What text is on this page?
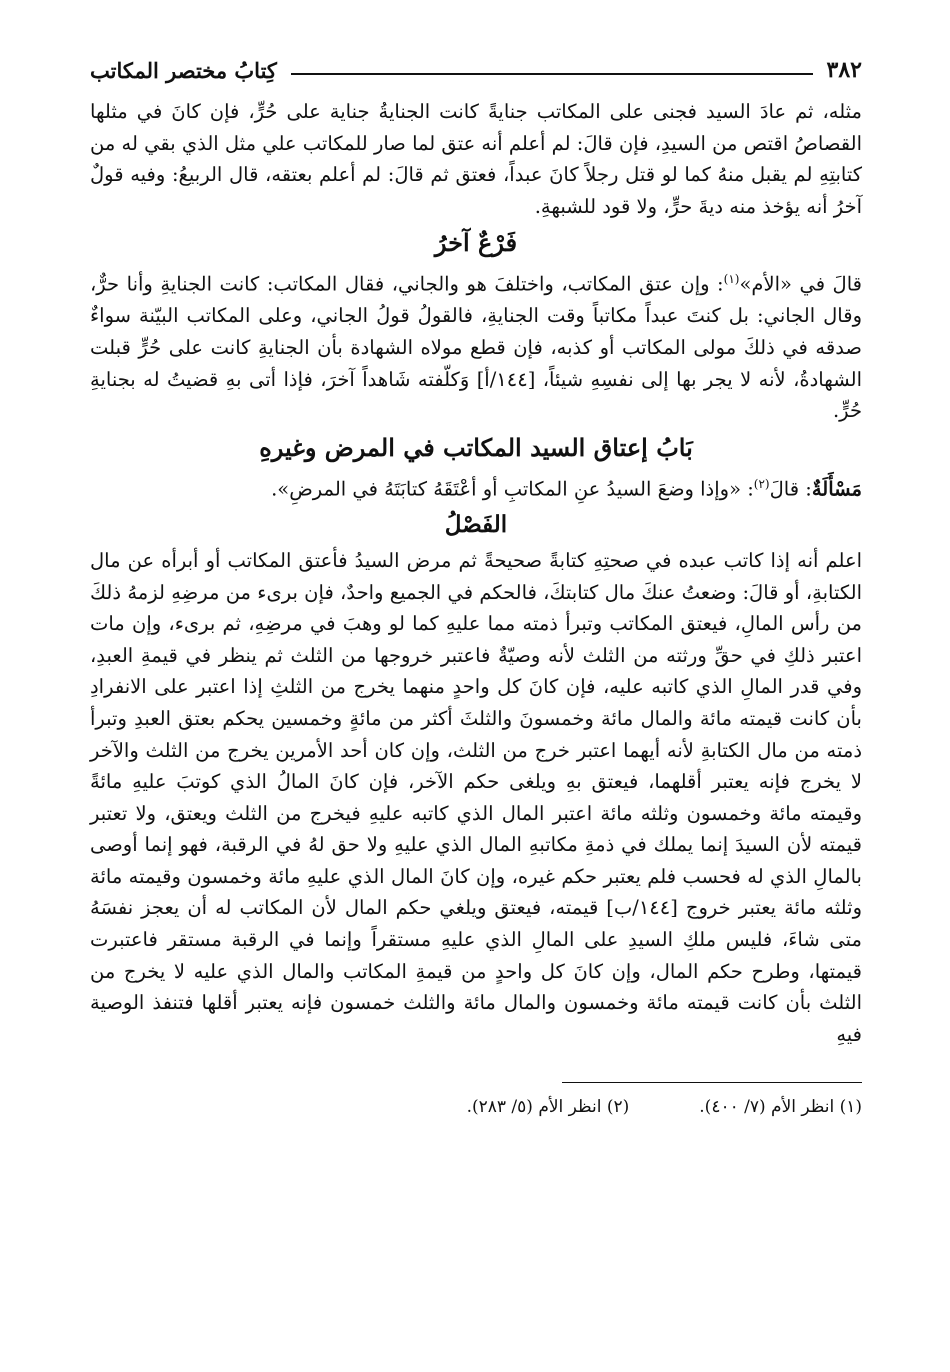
٣٨٢
كِتابُ مختصر المكاتب

مثله، ثم عادَ السيد فجنى على المكاتب جنايةً كانت الجنايةُ جناية على حُرٍّ، فإن كانَ في مثلها القصاصُ اقتص من السيدِ، فإن قالَ: لم أعلم أنه عتق لما صار للمكاتب علي مثل الذي بقي له من كتابتِهِ لم يقبل منهُ كما لو قتل رجلاً كانَ عبداً، فعتق ثم قالَ: لم أعلم بعتقه، قال الربيعُ: وفيه قولٌ آخرُ أنه يؤخذ منه ديةَ حرٍّ، ولا قود للشبهةِ.

فَرْعٌ آخرُ

قالَ في «الأم»$^{(١)}$: وإن عتق المكاتب، واختلفَ هو والجاني، فقال المكاتب: كانت الجنايةِ وأنا حرٌّ، وقال الجاني: بل كنتَ عبداً مكاتباً وقت الجنايةِ، فالقولُ قولُ الجاني، وعلى المكاتب البيّنة سواءٌ صدقه في ذلكَ مولى المكاتب أو كذبه، فإن قطع مولاه الشهادة بأن الجنايةِ كانت على حُرٍّ قبلت الشهادةُ، لأنه لا يجر بها إلى نفسِهِ شيئاً، [١٤٤/أ] وَكلّفته شَاهداً آخرَ، فإذا أتى بهِ قضيتُ له بجنايةِ حُرٍّ.

بَابُ إعتاق السيد المكاتب في المرض وغيرهِ

مَسْأَلَةٌ: قالَ$^{(٢)}$: «وإذا وضعَ السيدُ عنِ المكاتبِ أو أعْتَقَهُ كتابَتَهُ في المرضِ».

الفَصْلُ

اعلم أنه إذا كاتب عبده في صحتِهِ كتابةً صحيحةً ثم مرض السيدُ فأعتق المكاتب أو أبرأه عن مال الكتابةِ، أو قالَ: وضعتُ عنكَ مال كتابتكَ، فالحكم في الجميع واحدٌ، فإن برىء من مرضِهِ لزمهُ ذلكَ من رأس المالِ، فيعتق المكاتب وتبرأ ذمته مما عليهِ كما لو وهبَ في مرضِهِ، ثم برىء، وإن مات اعتبر ذلكِ في حقِّ ورثته من الثلث لأنه وصيّةٌ فاعتبر خروجها من الثلث ثم ينظر في قيمةِ العبدِ، وفي قدر المالِ الذي كاتبه عليه، فإن كانَ كل واحدٍ منهما يخرج من الثلثِ إذا اعتبر على الانفرادِ بأن كانت قيمته مائة والمال مائة وخمسونَ والثلثَ أكثر من مائةٍ وخمسين يحكم بعتق العبدِ وتبرأ ذمته من مال الكتابةِ لأنه أيهما اعتبر خرج من الثلث، وإن كان أحد الأمرين يخرج من الثلث والآخر لا يخرج فإنه يعتبر أقلهما، فيعتق بهِ ويلغى حكم الآخر، فإن كانَ المالُ الذي كوتبَ عليهِ مائةً وقيمته مائة وخمسون وثلثه مائة اعتبر المال الذي كاتبه عليهِ فيخرج من الثلث ويعتق، ولا تعتبر قيمته لأن السيدَ إنما يملك في ذمةِ مكاتبهِ المال الذي عليهِ ولا حق لهُ في الرقبة، فهو إنما أوصى بالمالِ الذي له فحسب فلم يعتبر حكم غيره، وإن كانَ المال الذي عليهِ مائة وخمسون وقيمته مائة وثلثه مائة يعتبر خروج [١٤٤/ب] قيمته، فيعتق ويلغي حكم المال لأن المكاتب له أن يعجز نفسَهُ متى شاءَ، فليس ملكِ السيدِ على المالِ الذي عليهِ مستقراً وإنما في الرقبة مستقر فاعتبرت قيمتها، وطرح حكم المال، وإن كانَ كل واحدٍ من قيمةِ المكاتب والمال الذي عليه لا يخرج من الثلث بأن كانت قيمته مائة وخمسون والمال مائة والثلث خمسون فإنه يعتبر أقلها فتنفذ الوصية فيهِ

(١) انظر الأم (٧/ ٤٠٠).
(٢) انظر الأم (٥/ ٢٨٣).
